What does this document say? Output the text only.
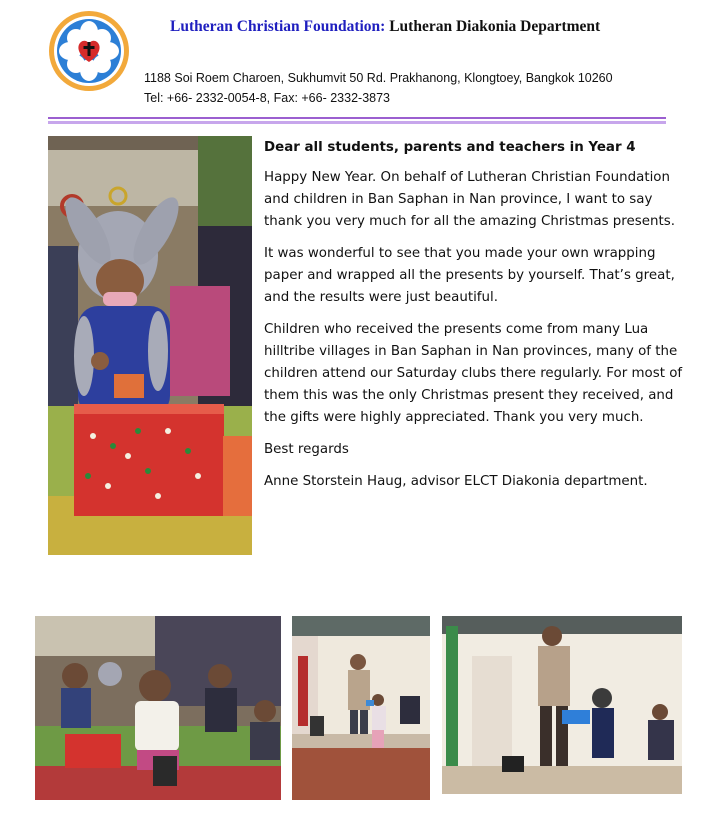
Lutheran Christian Foundation: Lutheran Diakonia Department
1188 Soi Roem Charoen, Sukhumvit 50 Rd. Prakhanong, Klongtoey, Bangkok 10260
Tel: +66- 2332-0054-8, Fax: +66- 2332-3873

Dear all students, parents and teachers in Year 4

Happy New Year. On behalf of Lutheran Christian Foundation and children in Ban Saphan in Nan province, I want to say thank you very much for all the amazing Christmas presents.

It was wonderful to see that you made your own wrapping paper and wrapped all the presents by yourself. That’s great, and the results were just beautiful.

Children who received the presents come from many Lua hilltribe villages in Ban Saphan in Nan provinces, many of the children attend our Saturday clubs there regularly. For most of them this was the only Christmas present they received, and the gifts were highly appreciated. Thank you very much.

Best regards

Anne Storstein Haug, advisor ELCT Diakonia department.
